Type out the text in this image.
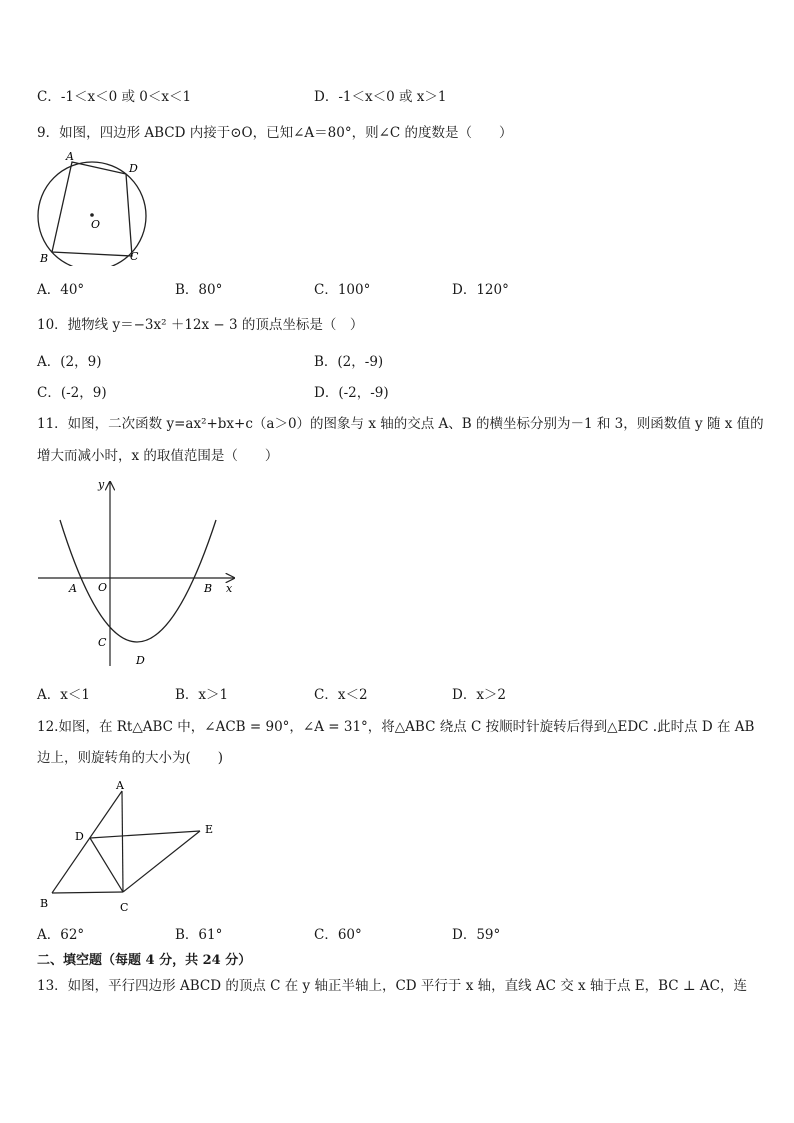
C．-1＜x＜0 或 0＜x＜1	D．-1＜x＜0 或 x＞1
9．如图，四边形 ABCD 内接于⊙O，已知∠A＝80°，则∠C 的度数是（　　）
A
D
O
B	C
A．40°	B．80°	C．100°	D．120°
10．抛物线 y＝−3x² ＋12x − 3 的顶点坐标是（　）
A．(2，9)	B．(2，-9)
C．(-2，9)	D．(-2，-9)
11．如图，二次函数 y=ax²+bx+c（a＞0）的图象与 x 轴的交点 A、B 的横坐标分别为－1 和 3，则函数值 y 随 x 值的
增大而减小时，x 的取值范围是（　　）
y
x
A O	B
C
D
A．x＜1	B．x＞1	C．x＜2	D．x＞2
12.如图，在 Rt△ABC 中，∠ACB = 90°，∠A = 31°，将△ABC 绕点 C 按顺时针旋转后得到△EDC .此时点 D 在 AB
边上，则旋转角的大小为(　　)
A
D
E
B	C
A．62°	B．61°	C．60°	D．59°
二、填空题（每题 4 分，共 24 分）
13．如图，平行四边形 ABCD 的顶点 C 在 y 轴正半轴上，CD 平行于 x 轴，直线 AC 交 x 轴于点 E，BC ⊥ AC，连
